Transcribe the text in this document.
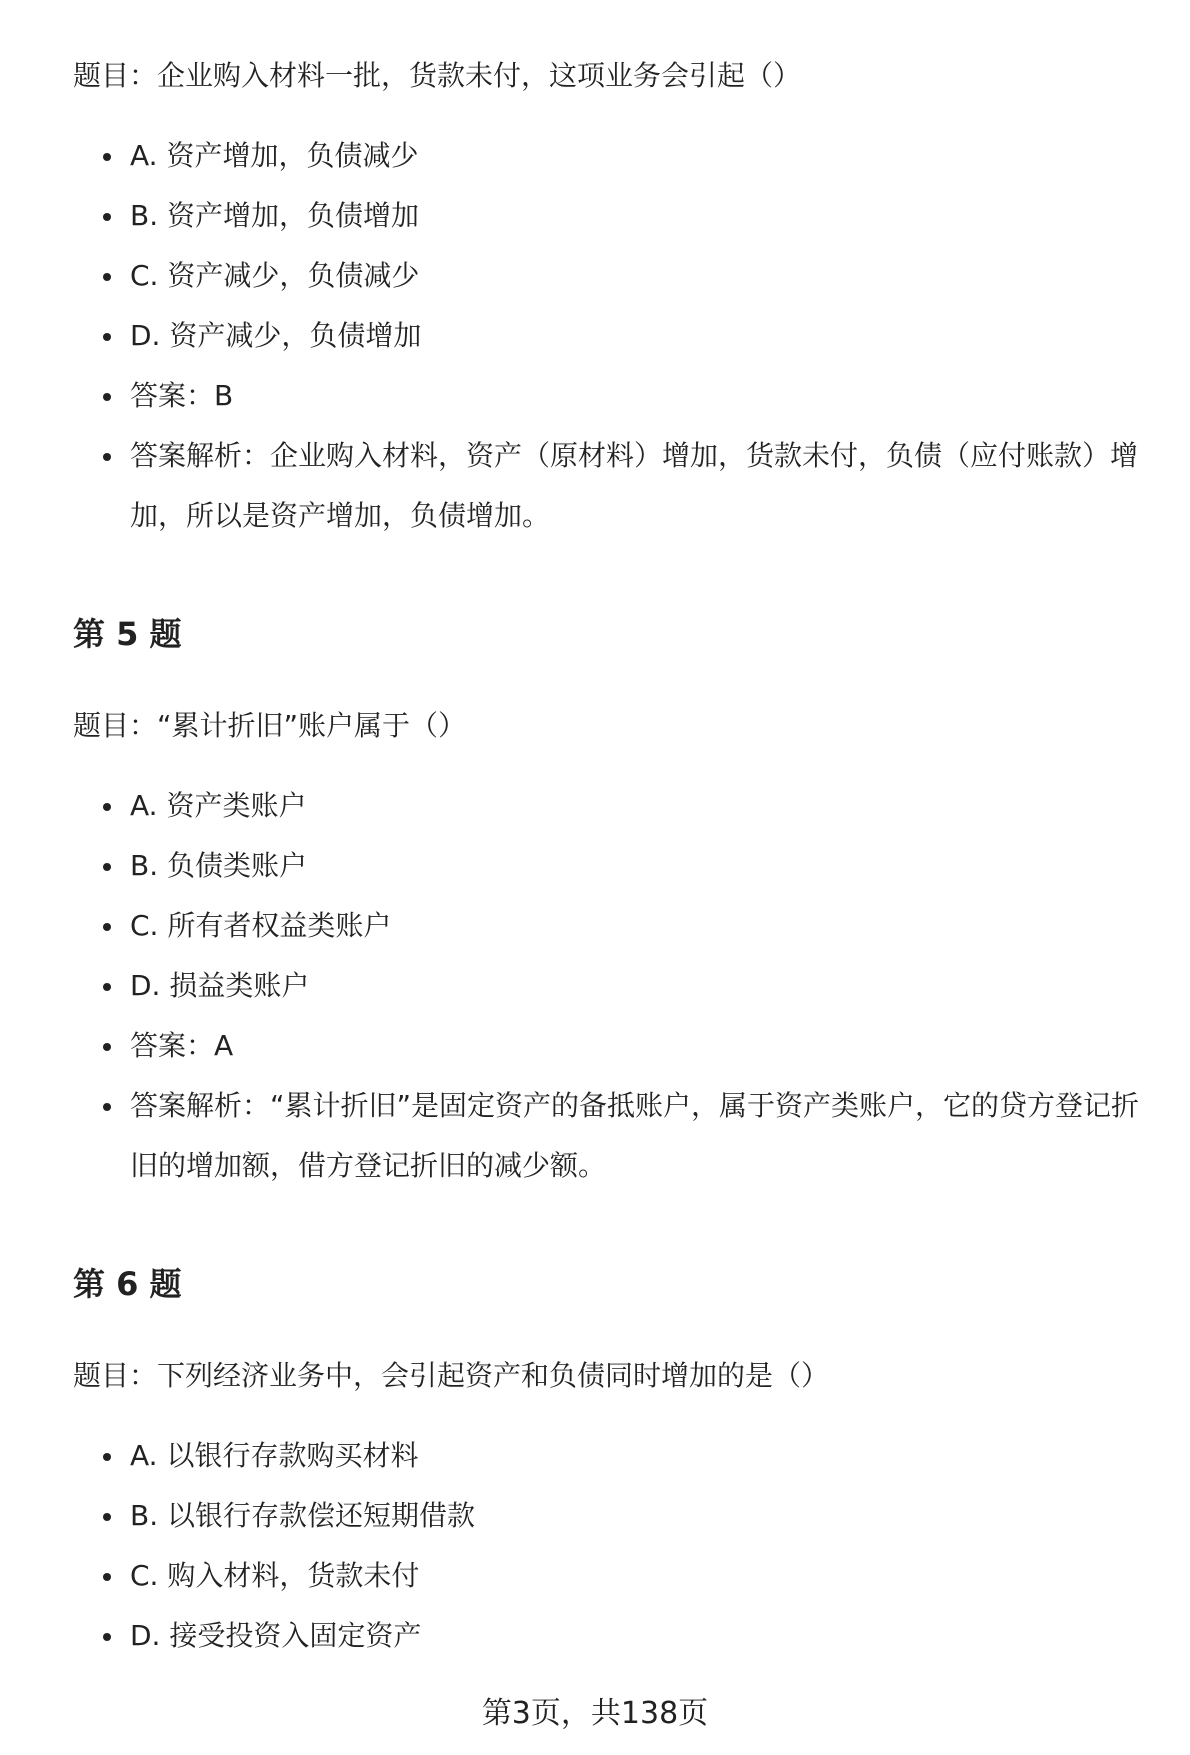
题目：企业购入材料一批，货款未付，这项业务会引起（）
A. 资产增加，负债减少
B. 资产增加，负债增加
C. 资产减少，负债减少
D. 资产减少，负债增加
答案：B
答案解析：企业购入材料，资产（原材料）增加，货款未付，负债（应付账款）增加，所以是资产增加，负债增加。
第 5 题
题目：“累计折旧”账户属于（）
A. 资产类账户
B. 负债类账户
C. 所有者权益类账户
D. 损益类账户
答案：A
答案解析：“累计折旧”是固定资产的备抵账户，属于资产类账户，它的贷方登记折旧的增加额，借方登记折旧的减少额。
第 6 题
题目：下列经济业务中，会引起资产和负债同时增加的是（）
A. 以银行存款购买材料
B. 以银行存款偿还短期借款
C. 购入材料，货款未付
D. 接受投资入固定资产
第3页，共138页
